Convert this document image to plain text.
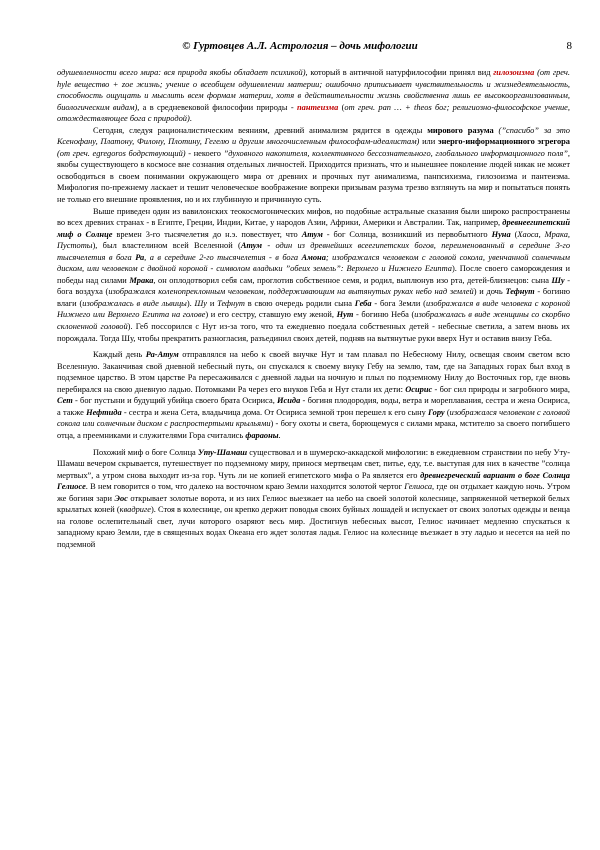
© Гуртовцев А.Л. Астрология – дочь мифологии	8

одушевленности всего мира: вся природа якобы обладает психикой), который в античной натурфилософии принял вид гилозоизма (от греч. hyle вещество + zoe жизнь; учение о всеобщем одушевлении материи; ошибочно приписывает чувствительность и жизнедеятельность, способность ощущать и мыслить всем формам материи, хотя в действительности жизнь свойственна лишь ее высокоорганизованным, биологическим видам), а в средневековой философии природы - пантеизма (от греч. pan … + theos бог; религиозно-философское учение, отождествляющее бога с природой).

Сегодня, следуя рационалистическим веяниям, древний анимализм рядится в одежды мирового разума (”спасибо” за это Ксенофану, Платону, Филону, Плотину, Гегелю и другим многочисленным философам-идеалистам) или энерго-информационного эгрегора (от греч. egregoros бодрствующий) - некоего ”духовного накопителя, коллективного бессознательного, глобального информационного поля”, якобы существующего в космосе вне сознания отдельных личностей. Приходится признать, что и нынешнее поколение людей никак не может освободиться в своем понимании окружающего мира от древних и прочных пут анимализма, панпсихизма, гилозоизма и пантеизма. Мифология по-прежнему ласкает и тешит человеческое воображение вопреки призывам разума трезво взглянуть на мир и попытаться понять не только его внешние проявления, но и их глубинную и причинную суть.

Выше приведен один из вавилонских теокосмогонических мифов, но подобные астральные сказания были широко распространены во всех древних странах - в Египте, Греции, Индии, Китае, у народов Азии, Африки, Америки и Австралии. Так, например, древнеегипетский миф о Солнце времен 3-го тысячелетия до н.э. повествует, что Атум - бог Солнца, возникший из первобытного Нуна (Хаоса, Мрака, Пустоты), был властелином всей Вселенной (Атум - один из древнейших всеегипетских богов, переименованный в середине 3-го тысячелетия в бога Ра, а в середине 2-го тысячелетия - в бога Амона; изображался человеком с головой сокола, увенчанной солнечным диском, или человеком с двойной короной - символом владыки ”обеих земель”: Верхнего и Нижнего Египта). После своего саморождения и победы над силами Мрака, он оплодотворил себя сам, проглотив собственное семя, и родил, выплюнув изо рта, детей-близнецов: сына Шу - бога воздуха (изображался коленопреклонным человеком, поддерживающим на вытянутых руках небо над землей) и дочь Тефнут - богиню влаги (изображалась в виде львицы). Шу и Тефнут в свою очередь родили сына Геба - бога Земли (изображался в виде человека с короной Нижнего или Верхнего Египта на голове) и его сестру, ставшую ему женой, Нут - богиню Неба (изображалась в виде женщины со скорбно склоненной головой). Геб поссорился с Нут из-за того, что та ежедневно поедала собственных детей - небесные светила, а затем вновь их порождала. Тогда Шу, чтобы прекратить разногласия, разъединил своих детей, подняв на вытянутые руки вверх Нут и оставив внизу Геба.

Каждый день Ра-Атум отправлялся на небо к своей внучке Нут и там плавал по Небесному Нилу, освещая своим светом всю Вселенную. Заканчивая свой дневной небесный путь, он спускался к своему внуку Гебу на землю, там, где на Западных горах был вход в подземное царство. В этом царстве Ра пересаживался с дневной ладьи на ночную и плыл по подземному Нилу до Восточных гор, где вновь перебирался на свою дневную ладью. Потомками Ра через его внуков Геба и Нут стали их дети: Осирис - бог сил природы и загробного мира, Сет - бог пустыни и будущий убийца своего брата Осириса, Исида - богиня плодородия, воды, ветра и мореплавания, сестра и жена Осириса, а также Нефтида - сестра и жена Сета, владычица дома. От Осириса земной трон перешел к его сыну Гору (изображался человеком с головой сокола или солнечным диском с распростертыми крыльями) - богу охоты и света, борющемуся с силами мрака, мстителю за своего погибшего отца, а преемниками и служителями Гора считались фараоны.

Похожий миф о боге Солнца Уту-Шамаш существовал и в шумерско-аккадской мифологии: в ежедневном странствии по небу Уту-Шамаш вечером скрывается, путешествует по подземному миру, принося мертвецам свет, питье, еду, т.е. выступая для них в качестве ”солнца мертвых”, а утром снова выходит из-за гор. Чуть ли не копией египетского мифа о Ра является его древнегреческий вариант о боге Солнца Гелиосе. В нем говорится о том, что далеко на восточном краю Земли находится золотой чертог Гелиоса, где он отдыхает каждую ночь. Утром же богиня зари Эос открывает золотые ворота, и из них Гелиос выезжает на небо на своей золотой колеснице, запряженной четверкой белых крылатых коней (квадриге). Стоя в колеснице, он крепко держит поводья своих буйных лошадей и испускает от своих золотых одежды и венца на голове ослепительный свет, лучи которого озаряют весь мир. Достигнув небесных высот, Гелиос начинает медленно спускаться к западному краю Земли, где в священных водах Океана его ждет золотая ладья. Гелиос на колеснице въезжает в эту ладью и несется на ней по подземной
